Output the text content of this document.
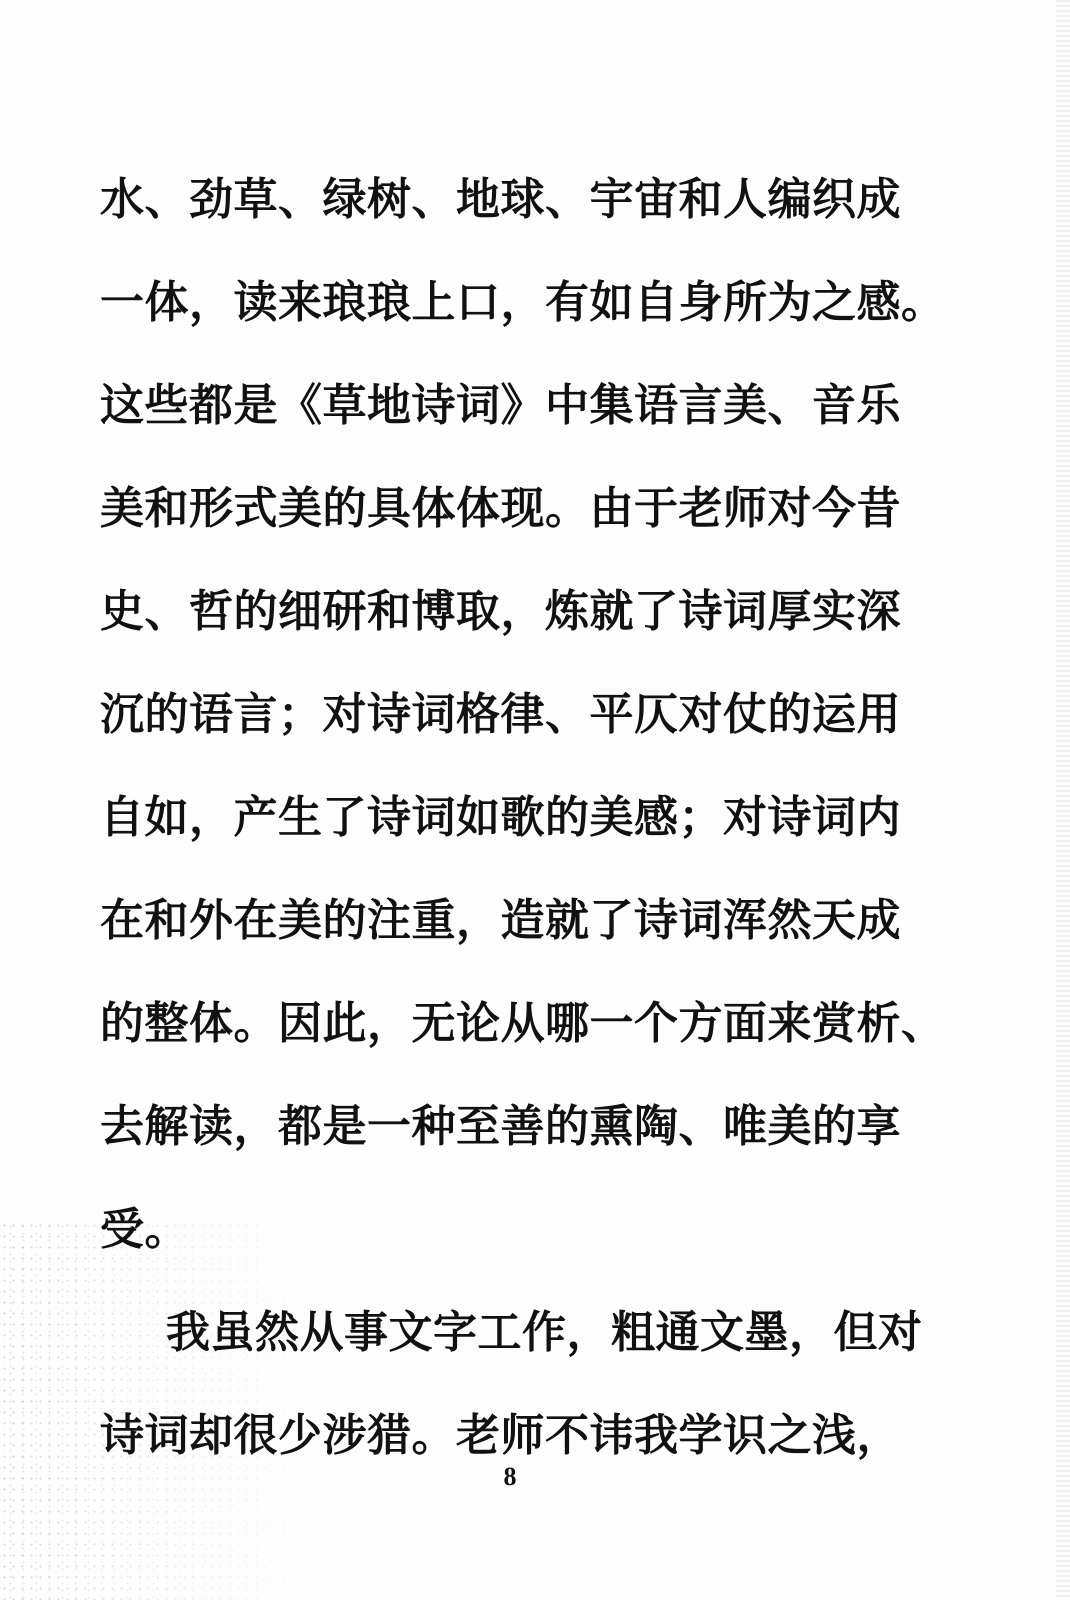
水、劲草、绿树、地球、宇宙和人编织成
一体，读来琅琅上口，有如自身所为之感。
这些都是《草地诗词》中集语言美、音乐
美和形式美的具体体现。由于老师对今昔
史、哲的细研和博取，炼就了诗词厚实深
沉的语言；对诗词格律、平仄对仗的运用
自如，产生了诗词如歌的美感；对诗词内
在和外在美的注重，造就了诗词浑然天成
的整体。因此，无论从哪一个方面来赏析、
去解读，都是一种至善的熏陶、唯美的享
受。
我虽然从事文字工作，粗通文墨，但对
诗词却很少涉猎。老师不讳我学识之浅，
8
